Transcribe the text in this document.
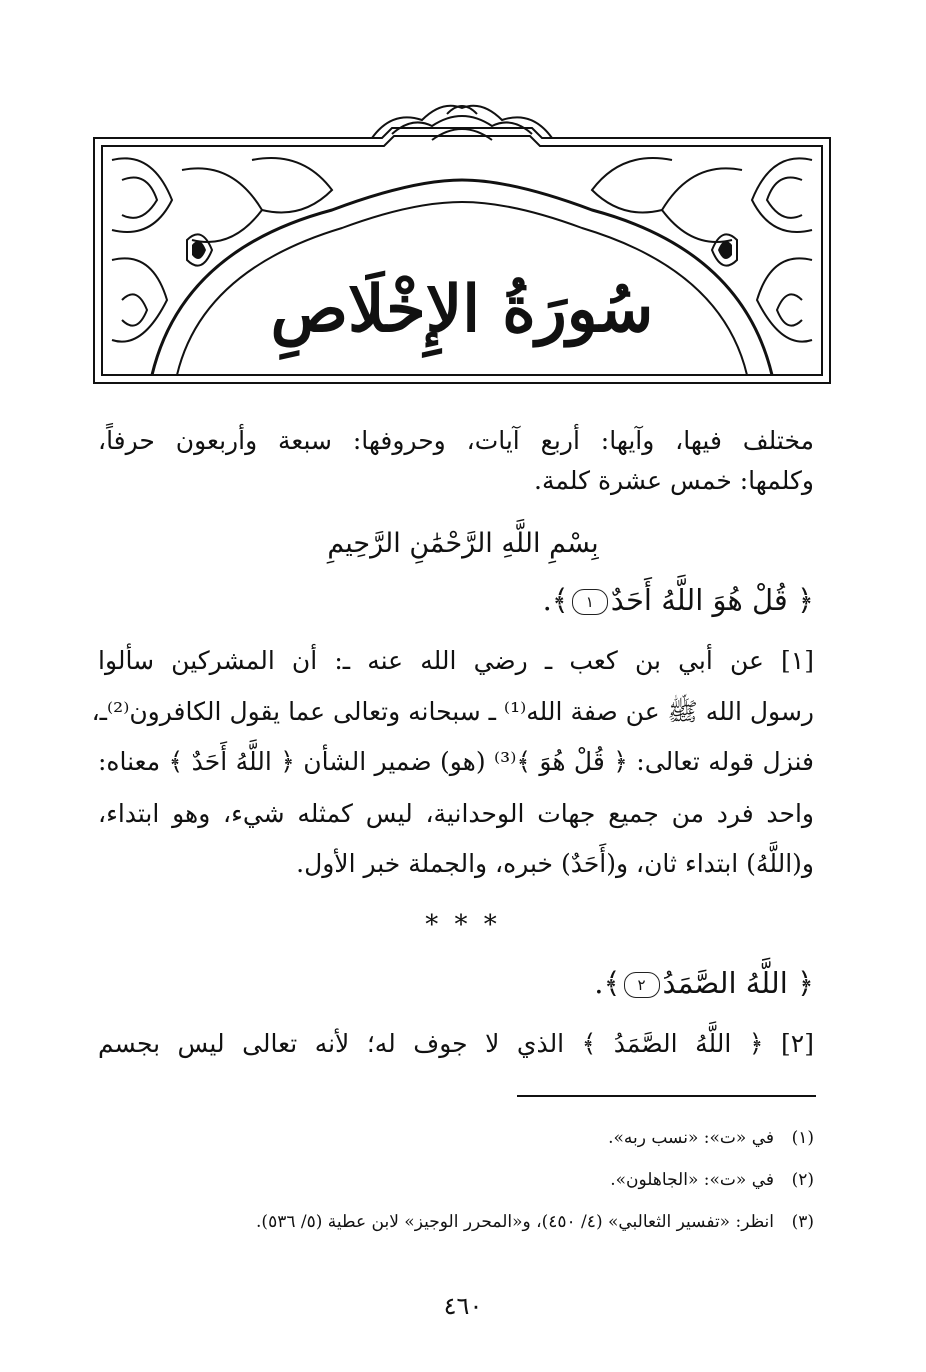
سُورَةُ الإِخْلَاصِ
مختلف فيها، وآيها: أربع آيات، وحروفها: سبعة وأربعون حرفاً،
وكلمها: خمس عشرة كلمة.
بِسْمِ اللَّهِ الرَّحْمَٰنِ الرَّحِيمِ
﴿ قُلْ هُوَ اللَّهُ أَحَدٌ١﴾.
[١] عن أبي بن كعب ـ رضي الله عنه ـ: أن المشركين سألوا
رسول الله ﷺ عن صفة الله⁽¹⁾ ـ سبحانه وتعالى عما يقول الكافرون⁽²⁾ـ،
فنزل قوله تعالى: ﴿ قُلْ هُوَ ﴾⁽³⁾ (هو) ضمير الشأن ﴿ اللَّهُ أَحَدٌ ﴾ معناه:
واحد فرد من جميع جهات الوحدانية، ليس كمثله شيء، وهو ابتداء،
و(اللَّهُ) ابتداء ثان، و(أَحَدٌ) خبره، والجملة خبر الأول.
* * *
﴿ اللَّهُ الصَّمَدُ٢﴾.
[٢] ﴿ اللَّهُ الصَّمَدُ ﴾ الذي لا جوف له؛ لأنه تعالى ليس بجسم
(١)في «ت»: «نسب ربه».
(٢)في «ت»: «الجاهلون».
(٣)انظر: «تفسير الثعالبي» (٤/ ٤٥٠)، و«المحرر الوجيز» لابن عطية (٥/ ٥٣٦).
٤٦٠
